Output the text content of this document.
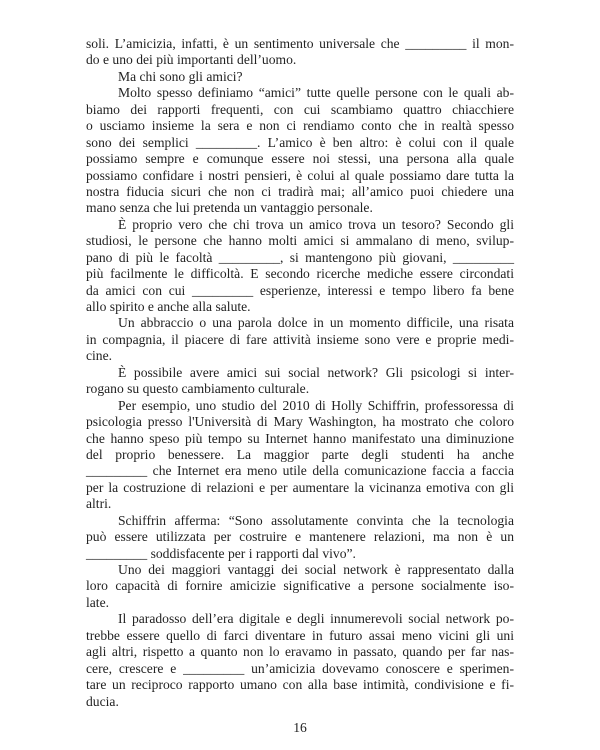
soli. L’amicizia, infatti, è un sentimento universale che _________ il mon-
do e uno dei più importanti dell’uomo.
Ma chi sono gli amici?
Molto spesso definiamo “amici” tutte quelle persone con le quali ab-
biamo dei rapporti frequenti, con cui scambiamo quattro chiacchiere
o usciamo insieme la sera e non ci rendiamo conto che in realtà spesso
sono dei semplici _________. L’amico è ben altro: è colui con il quale
possiamo sempre e comunque essere noi stessi, una persona alla quale
possiamo confidare i nostri pensieri, è colui al quale possiamo dare tutta la
nostra fiducia sicuri che non ci tradirà mai; all’amico puoi chiedere una
mano senza che lui pretenda un vantaggio personale.
È proprio vero che chi trova un amico trova un tesoro? Secondo gli
studiosi, le persone che hanno molti amici si ammalano di meno, svilup-
pano di più le facoltà _________, si mantengono più giovani, _________
più facilmente le difficoltà. E secondo ricerche mediche essere circondati
da amici con cui _________ esperienze, interessi e tempo libero fa bene
allo spirito e anche alla salute.
Un abbraccio o una parola dolce in un momento difficile, una risata
in compagnia, il piacere di fare attività insieme sono vere e proprie medi-
cine.
È possibile avere amici sui social network? Gli psicologi si inter-
rogano su questo cambiamento culturale.
Per esempio, uno studio del 2010 di Holly Schiffrin, professoressa di
psicologia presso l'Università di Mary Washington, ha mostrato che coloro
che hanno speso più tempo su Internet hanno manifestato una diminuzione
del proprio benessere. La maggior parte degli studenti ha anche
_________ che Internet era meno utile della comunicazione faccia a faccia
per la costruzione di relazioni e per aumentare la vicinanza emotiva con gli
altri.
Schiffrin afferma: “Sono assolutamente convinta che la tecnologia
può essere utilizzata per costruire e mantenere relazioni, ma non è un
_________ soddisfacente per i rapporti dal vivo”.
Uno dei maggiori vantaggi dei social network è rappresentato dalla
loro capacità di fornire amicizie significative a persone socialmente iso-
late.
Il paradosso dell’era digitale e degli innumerevoli social network po-
trebbe essere quello di farci diventare in futuro assai meno vicini gli uni
agli altri, rispetto a quanto non lo eravamo in passato, quando per far nas-
cere, crescere e _________ un’amicizia dovevamo conoscere e sperimen-
tare un reciproco rapporto umano con alla base intimità, condivisione e fi-
ducia.
16
